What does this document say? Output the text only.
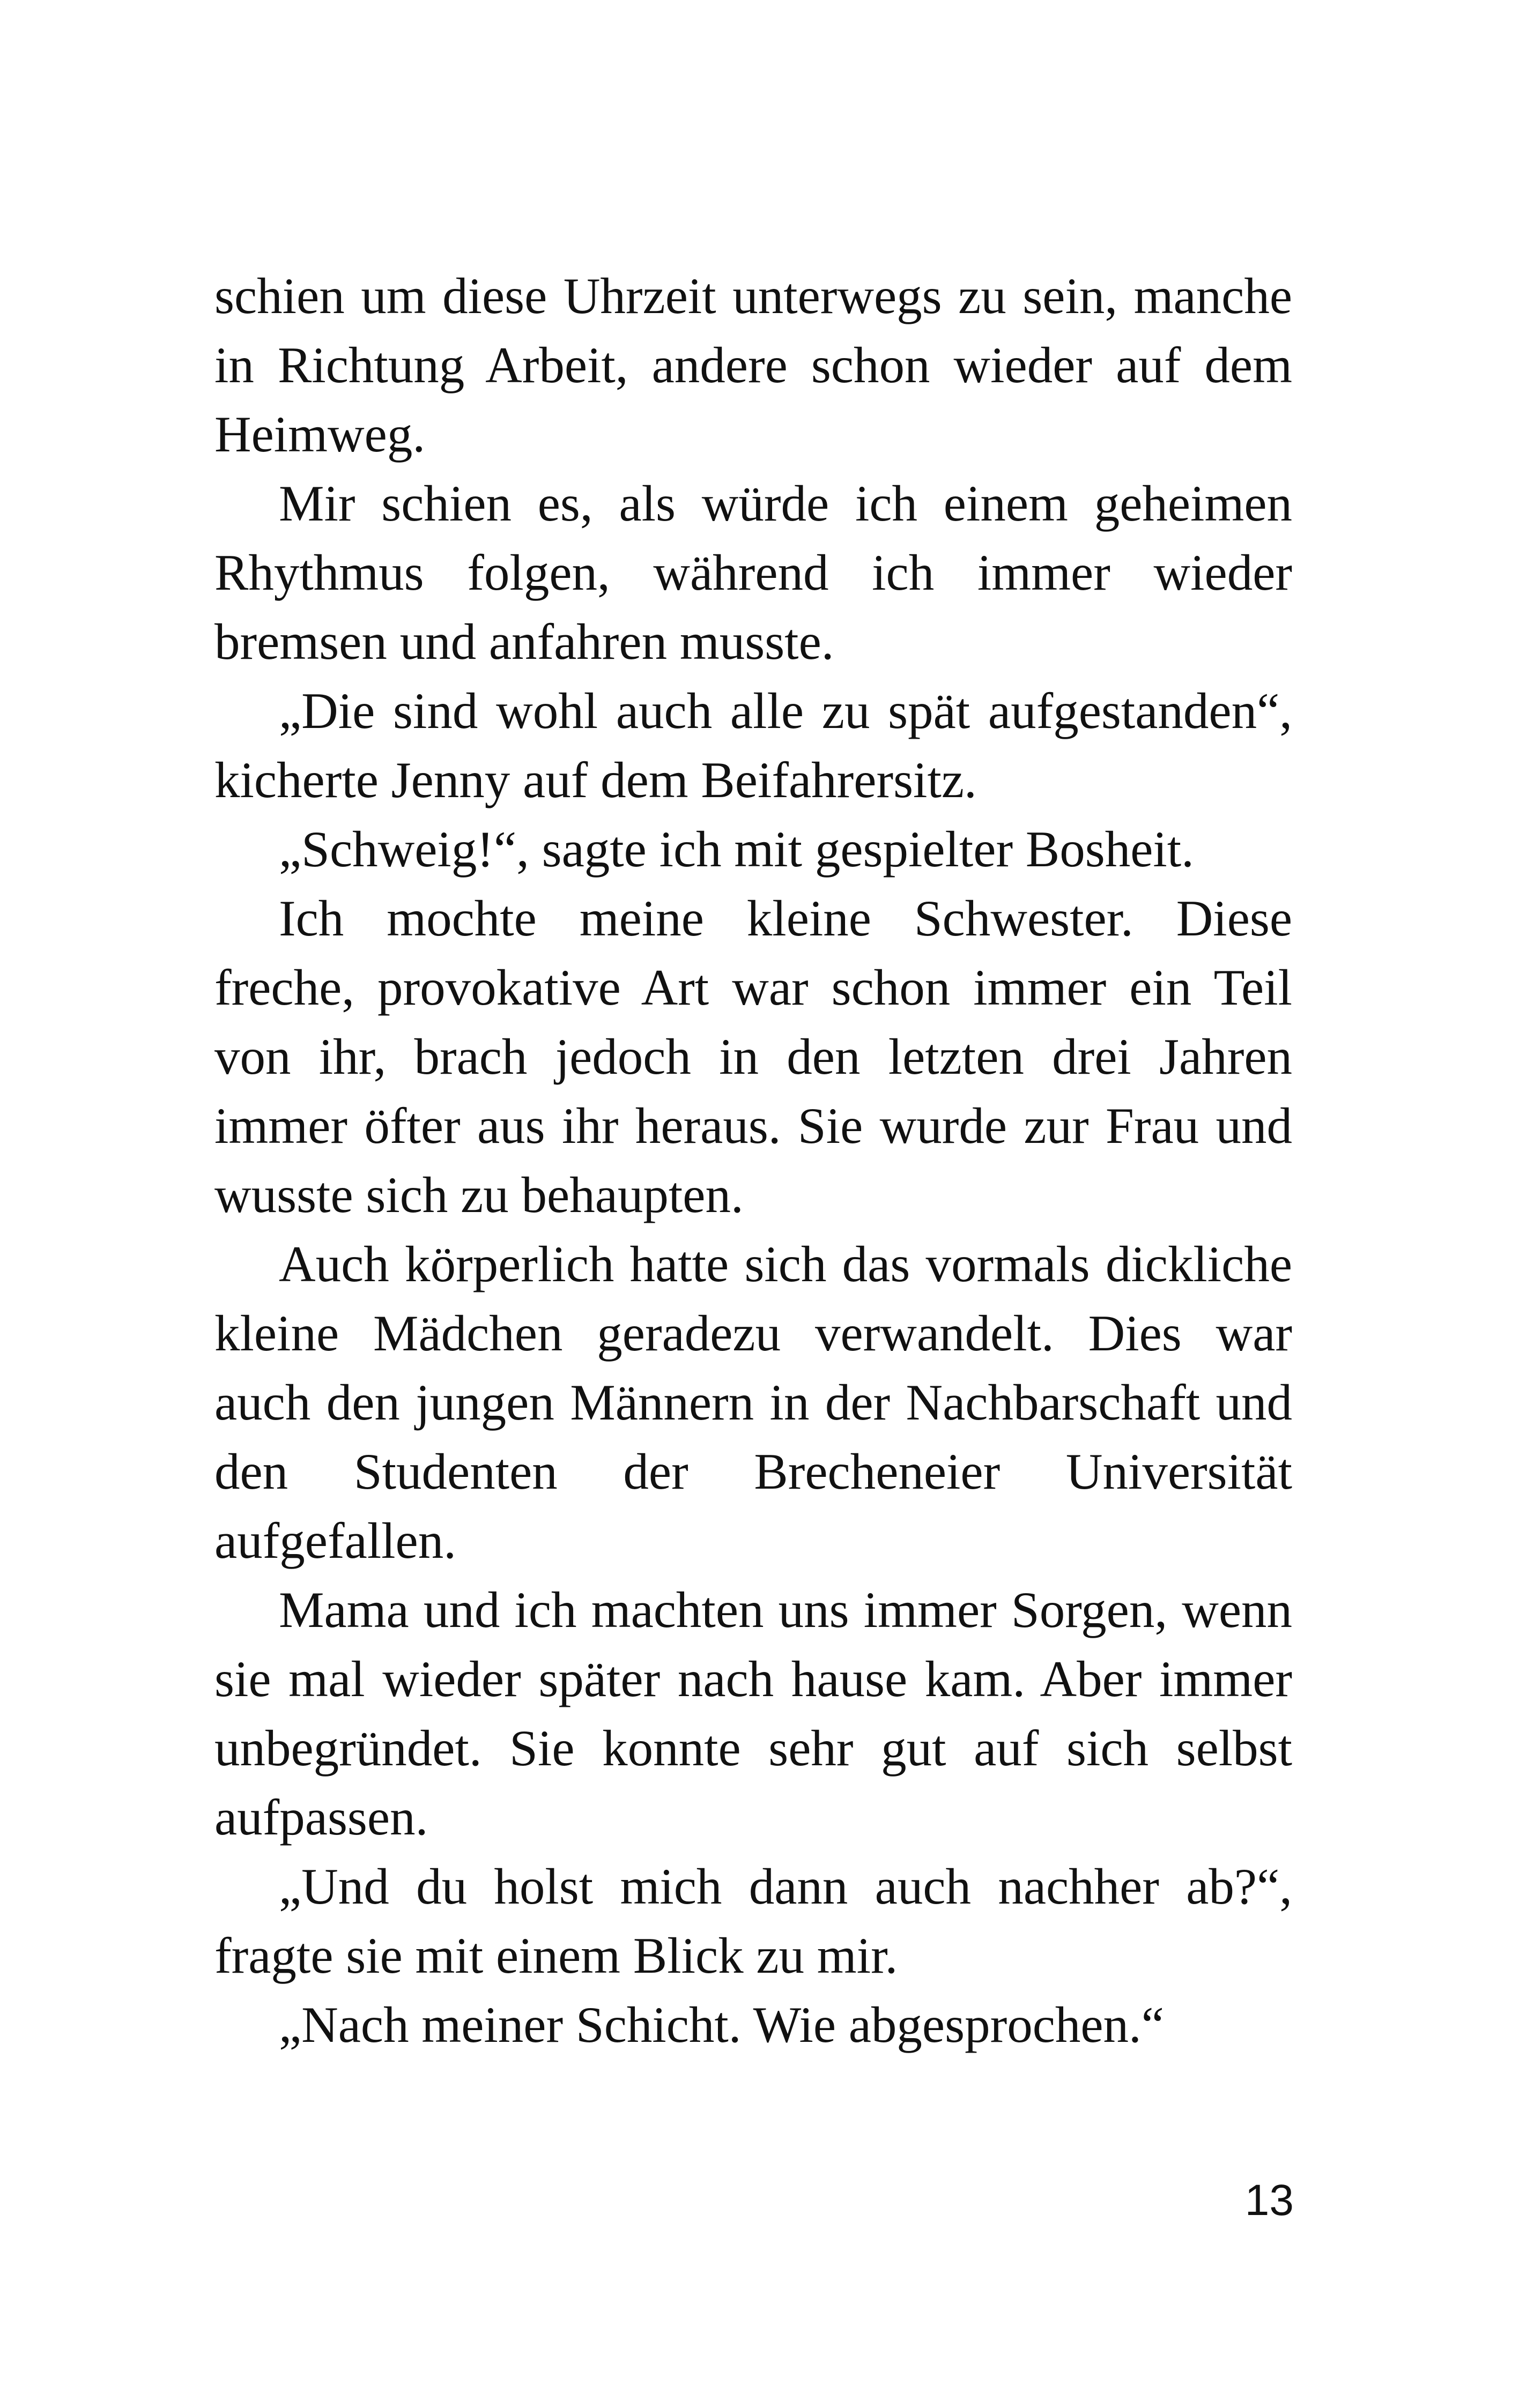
schien um diese Uhrzeit unterwegs zu sein, manche in Richtung Arbeit, andere schon wieder auf dem Heimweg.

Mir schien es, als würde ich einem geheimen Rhythmus folgen, während ich immer wieder bremsen und anfahren musste.

„Die sind wohl auch alle zu spät aufgestanden“, kicherte Jenny auf dem Beifahrersitz.

„Schweig!“, sagte ich mit gespielter Bosheit.

Ich mochte meine kleine Schwester. Diese freche, provokative Art war schon immer ein Teil von ihr, brach jedoch in den letzten drei Jahren immer öfter aus ihr heraus. Sie wurde zur Frau und wusste sich zu behaupten.

Auch körperlich hatte sich das vormals dickliche kleine Mädchen geradezu verwandelt. Dies war auch den jungen Männern in der Nachbarschaft und den Studenten der Brecheneier Universität aufgefallen.

Mama und ich machten uns immer Sorgen, wenn sie mal wieder später nach hause kam. Aber immer unbegründet. Sie konnte sehr gut auf sich selbst aufpassen.

„Und du holst mich dann auch nachher ab?“, fragte sie mit einem Blick zu mir.

„Nach meiner Schicht. Wie abgesprochen.“

13
